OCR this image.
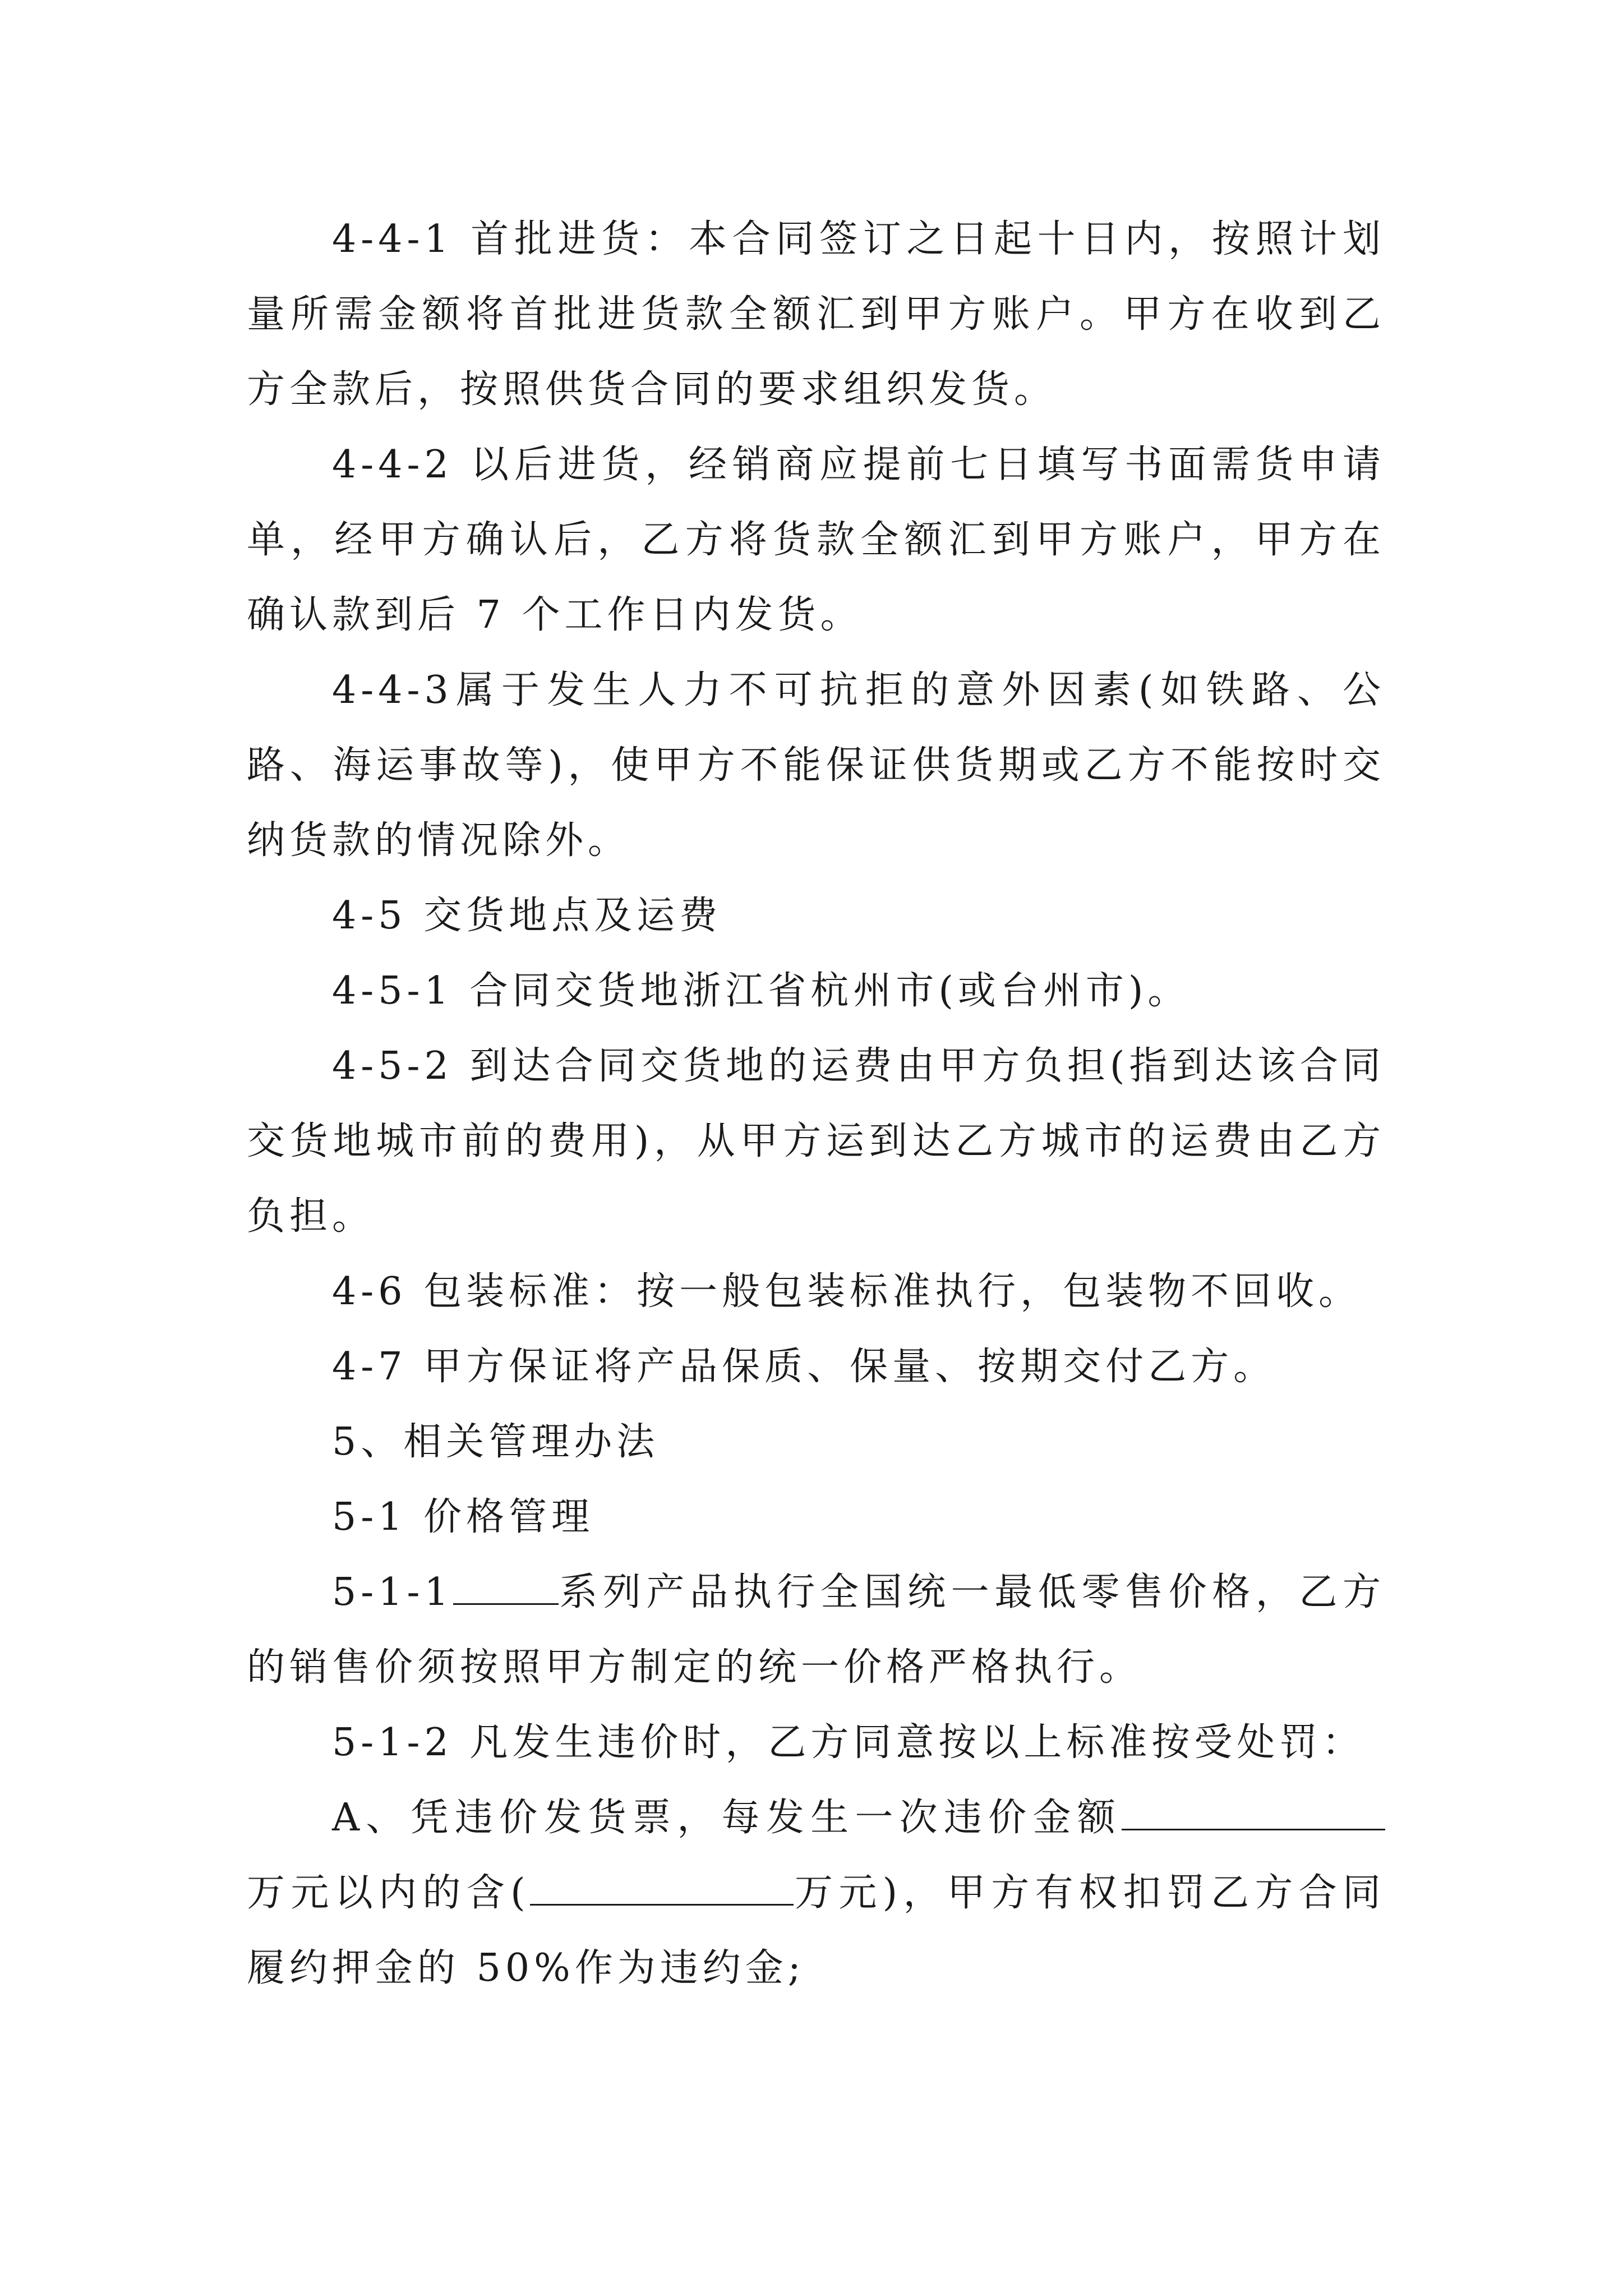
4-4-1 首批进货：本合同签订之日起十日内，按照计划量所需金额将首批进货款全额汇到甲方账户。甲方在收到乙方全款后，按照供货合同的要求组织发货。

4-4-2 以后进货，经销商应提前七日填写书面需货申请单，经甲方确认后，乙方将货款全额汇到甲方账户，甲方在确认款到后 7 个工作日内发货。

4-4-3属于发生人力不可抗拒的意外因素(如铁路、公路、海运事故等)，使甲方不能保证供货期或乙方不能按时交纳货款的情况除外。

4-5 交货地点及运费

4-5-1 合同交货地浙江省杭州市(或台州市)。

4-5-2 到达合同交货地的运费由甲方负担(指到达该合同交货地城市前的费用)，从甲方运到达乙方城市的运费由乙方负担。

4-6 包装标准：按一般包装标准执行，包装物不回收。

4-7 甲方保证将产品保质、保量、按期交付乙方。

5、相关管理办法

5-1 价格管理

5-1-1	系列产品执行全国统一最低零售价格，乙方的销售价须按照甲方制定的统一价格严格执行。

5-1-2 凡发生违价时，乙方同意按以上标准按受处罚：

A、凭违价发货票，每发生一次违价金额万元以内的含(	万元)，甲方有权扣罚乙方合同履约押金的 50%作为违约金;
